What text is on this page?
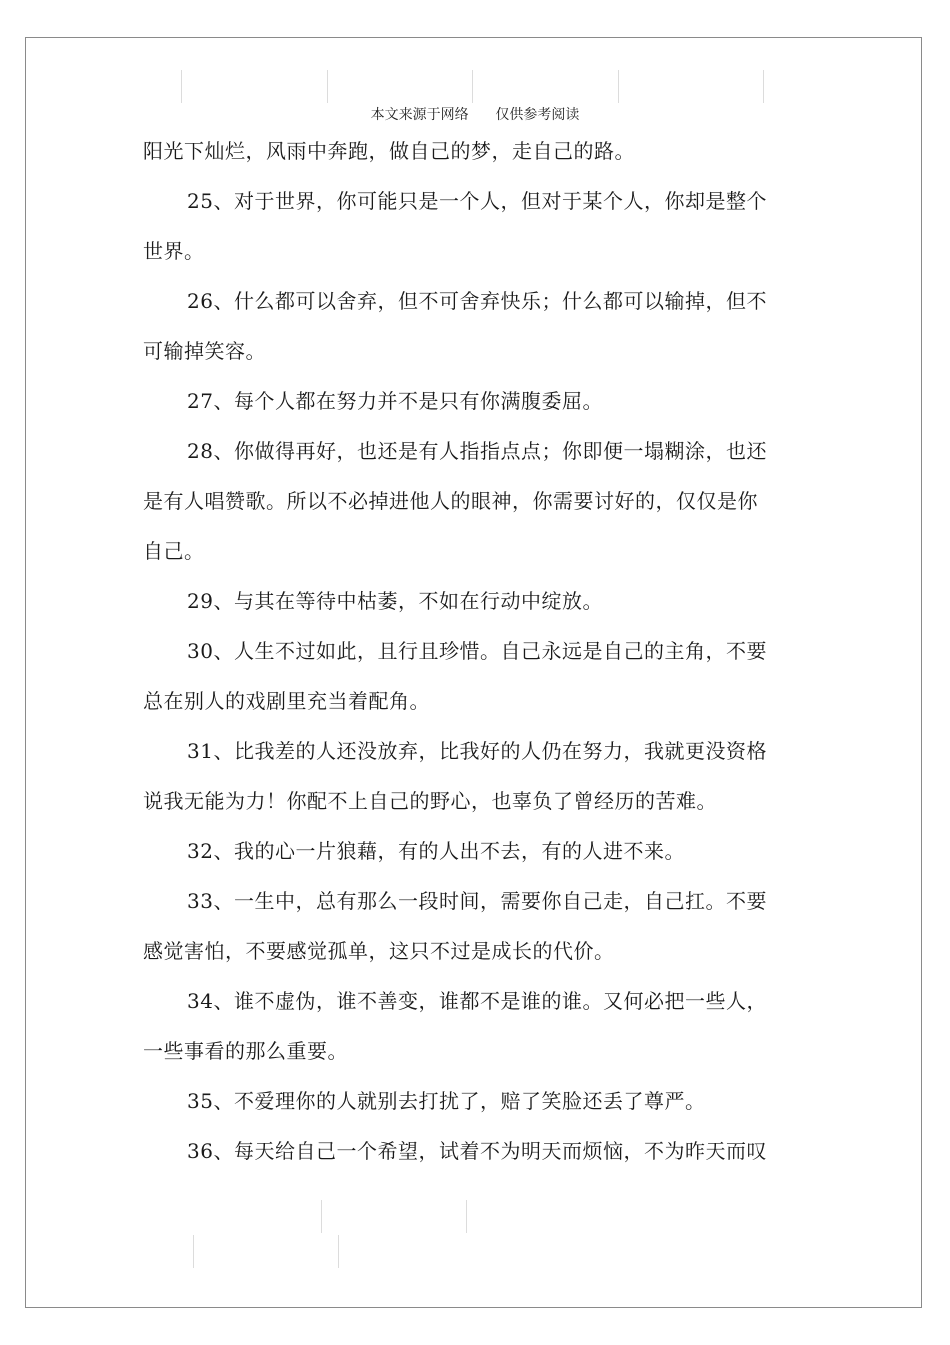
本文来源于网络 仅供参考阅读

阳光下灿烂，风雨中奔跑，做自己的梦，走自己的路。

25、对于世界，你可能只是一个人，但对于某个人，你却是整个
世界。

26、什么都可以舍弃，但不可舍弃快乐；什么都可以输掉，但不
可输掉笑容。

27、每个人都在努力并不是只有你满腹委屈。

28、你做得再好，也还是有人指指点点；你即便一塌糊涂，也还
是有人唱赞歌。所以不必掉进他人的眼神，你需要讨好的，仅仅是你
自己。

29、与其在等待中枯萎，不如在行动中绽放。

30、人生不过如此，且行且珍惜。自己永远是自己的主角，不要
总在别人的戏剧里充当着配角。

31、比我差的人还没放弃，比我好的人仍在努力，我就更没资格
说我无能为力！你配不上自己的野心，也辜负了曾经历的苦难。

32、我的心一片狼藉，有的人出不去，有的人进不来。

33、一生中，总有那么一段时间，需要你自己走，自己扛。不要
感觉害怕，不要感觉孤单，这只不过是成长的代价。

34、谁不虚伪，谁不善变，谁都不是谁的谁。又何必把一些人，
一些事看的那么重要。

35、不爱理你的人就别去打扰了，赔了笑脸还丢了尊严。

36、每天给自己一个希望，试着不为明天而烦恼，不为昨天而叹
